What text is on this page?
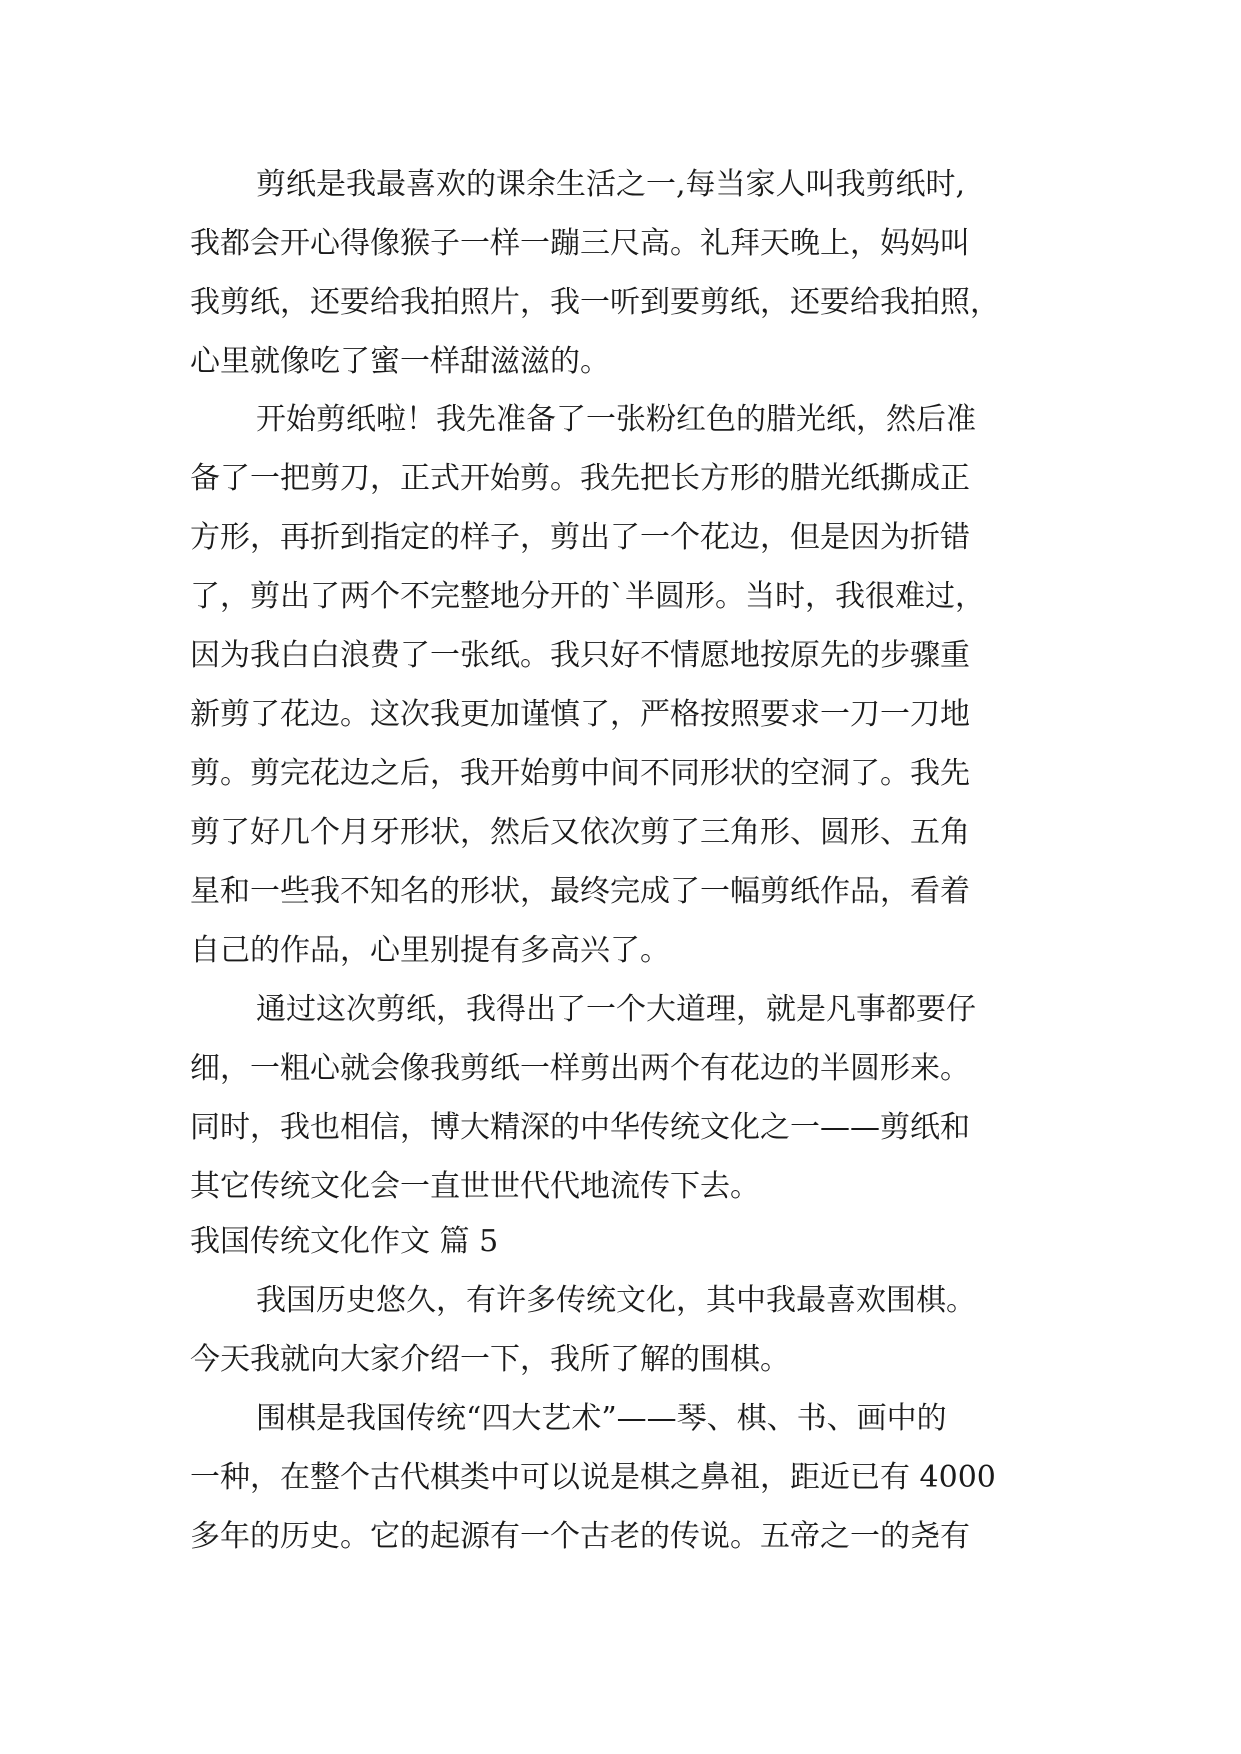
剪纸是我最喜欢的课余生活之一,每当家人叫我剪纸时,
我都会开心得像猴子一样一蹦三尺高。礼拜天晚上，妈妈叫
我剪纸，还要给我拍照片，我一听到要剪纸，还要给我拍照，
心里就像吃了蜜一样甜滋滋的。
开始剪纸啦！我先准备了一张粉红色的腊光纸，然后准
备了一把剪刀，正式开始剪。我先把长方形的腊光纸撕成正
方形，再折到指定的样子，剪出了一个花边，但是因为折错
了，剪出了两个不完整地分开的`半圆形。当时，我很难过，
因为我白白浪费了一张纸。我只好不情愿地按原先的步骤重
新剪了花边。这次我更加谨慎了，严格按照要求一刀一刀地
剪。剪完花边之后，我开始剪中间不同形状的空洞了。我先
剪了好几个月牙形状，然后又依次剪了三角形、圆形、五角
星和一些我不知名的形状，最终完成了一幅剪纸作品，看着
自己的作品，心里别提有多高兴了。
通过这次剪纸，我得出了一个大道理，就是凡事都要仔
细，一粗心就会像我剪纸一样剪出两个有花边的半圆形来。
同时，我也相信，博大精深的中华传统文化之一——剪纸和
其它传统文化会一直世世代代地流传下去。
我国传统文化作文 篇 5
我国历史悠久，有许多传统文化，其中我最喜欢围棋。
今天我就向大家介绍一下，我所了解的围棋。
围棋是我国传统“四大艺术”——琴、棋、书、画中的
一种，在整个古代棋类中可以说是棋之鼻祖，距近已有 4000
多年的历史。它的起源有一个古老的传说。五帝之一的尧有
